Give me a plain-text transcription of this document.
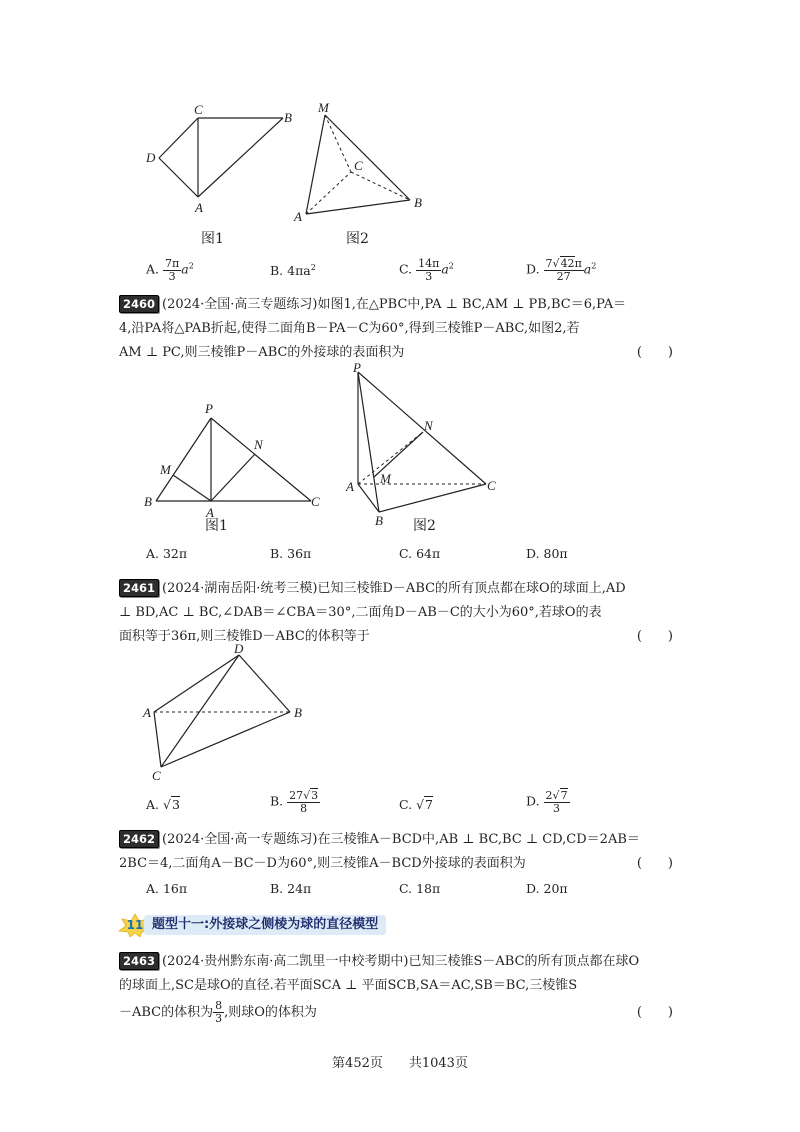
C
B
D
A
M
C
A
B
图1	图2
A. $\frac{7\pi}{3} a^2$	B. $4\pi a^2$	C. $\frac{14\pi}{3} a^2$	D. $\frac{7√42\pi}{27} a^2$
2460 (2024·全国·高三专题练习)如图1,在△PBC中,PA ⊥ BC,AM ⊥ PB,BC＝6,PA＝
4,沿PA将△PAB折起,使得二面角B－PA－C为60°,得到三棱锥P－ABC,如图2,若
AM ⊥ PC,则三棱锥P－ABC的外接球的表面积为	(　　)
P
M
N
B
A
C
P
N
A
M	C
B
图1	图2
A. 32π	B. 36π	C. 64π	D. 80π
2461 (2024·湖南岳阳·统考三模)已知三棱锥D－ABC的所有顶点都在球O的球面上,AD
⊥ BD,AC ⊥ BC,∠DAB＝∠CBA＝30°,二面角D－AB－C的大小为60°,若球O的表
面积等于36π,则三棱锥D－ABC的体积等于	(　　)
D
A	B
C
A. √3	B. $\frac{27√3}{8}$	C. √7	D. $\frac{2√7}{3}$
2462 (2024·全国·高一专题练习)在三棱锥A－BCD中,AB ⊥ BC,BC ⊥ CD,CD＝2AB＝
2BC＝4,二面角A－BC－D为60°,则三棱锥A－BCD外接球的表面积为	(　　)
A. 16π	B. 24π	C. 18π	D. 20π
11 题型十一:外接球之侧棱为球的直径模型
2463 (2024·贵州黔东南·高二凯里一中校考期中)已知三棱锥S－ABC的所有顶点都在球O
的球面上,SC是球O的直径.若平面SCA ⊥ 平面SCB,SA＝AC,SB＝BC,三棱锥S
－ABC的体积为 $\frac{8}{3}$ ,则球O的体积为	(　　)
第452页　　共1043页
